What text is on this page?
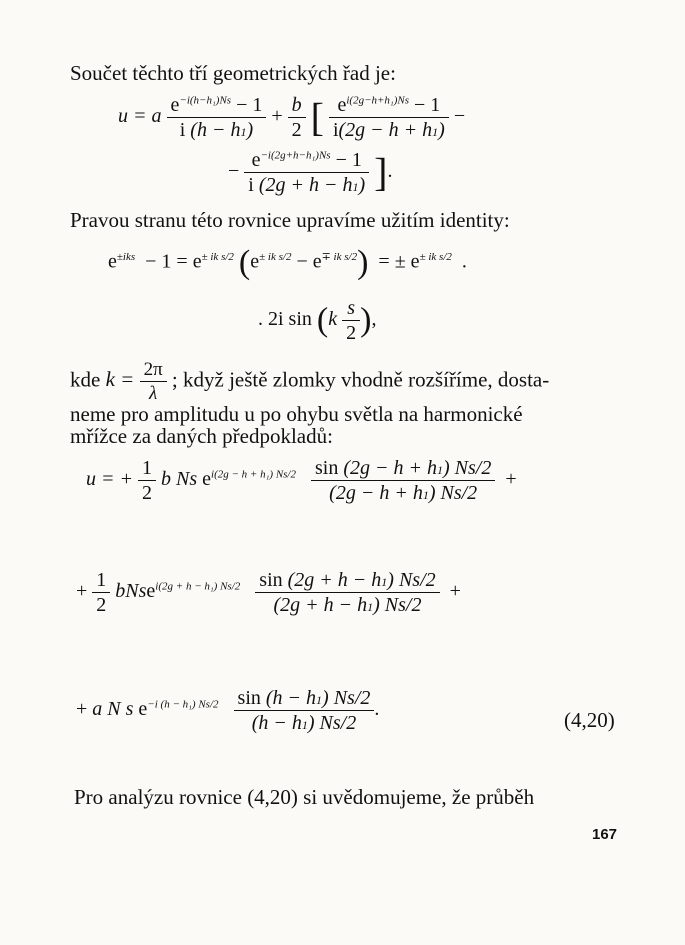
Součet těchto tří geometrických řad je:
u = a $\frac{e^{-i(h-h_1)Ns} - 1}{i (h - h1)} + \frac{b}{2}$ [ $\frac{e^{i(2g-h+h_1)Ns} - 1}{i(2g - h + h1)}$ −
− $\frac{e^{-i(2g+h-h_1)Ns} - 1}{i (2g + h - h1)}$ ].
Pravou stranu této rovnice upravíme užitím identity:
$e^{\pm iks} - 1 = e^{\pm ik s/2}$ $(e^{\pm ik s/2} - e^{\mp ik s/2})$  = ± $e^{\pm ik s/2}$  .
. 2i $\sin (k \frac{s}{2}$ ),
kde $k = \frac{2\pi}{\lambda}$ ; když ještě zlomky vhodně rozšíříme, dosta-
neme pro amplitudu u po ohybu světla na harmonické
mřížce za daných předpokladů:
u = + $\frac{1}{2}$ b Ns $e^{i(2g - h + h_1) Ns/2} \frac{\sin (2g - h + h1) Ns/2}{(2g - h + h1) Ns/2}$ +
+ $\frac{1}{2}$ bNse$^{i(2g + h - h_1) Ns/2}$ $\frac{\sin (2g + h - h1) Ns/2}{(2g + h - h1) Ns/2}$ +
+ a N s $e^{-i (h - h_1) Ns/2} \frac{\sin (h - h1) Ns/2}{(h - h1) Ns/2}$ .	(4,20)
Pro analýzu rovnice (4,20) si uvědomujeme, že průběh
167
